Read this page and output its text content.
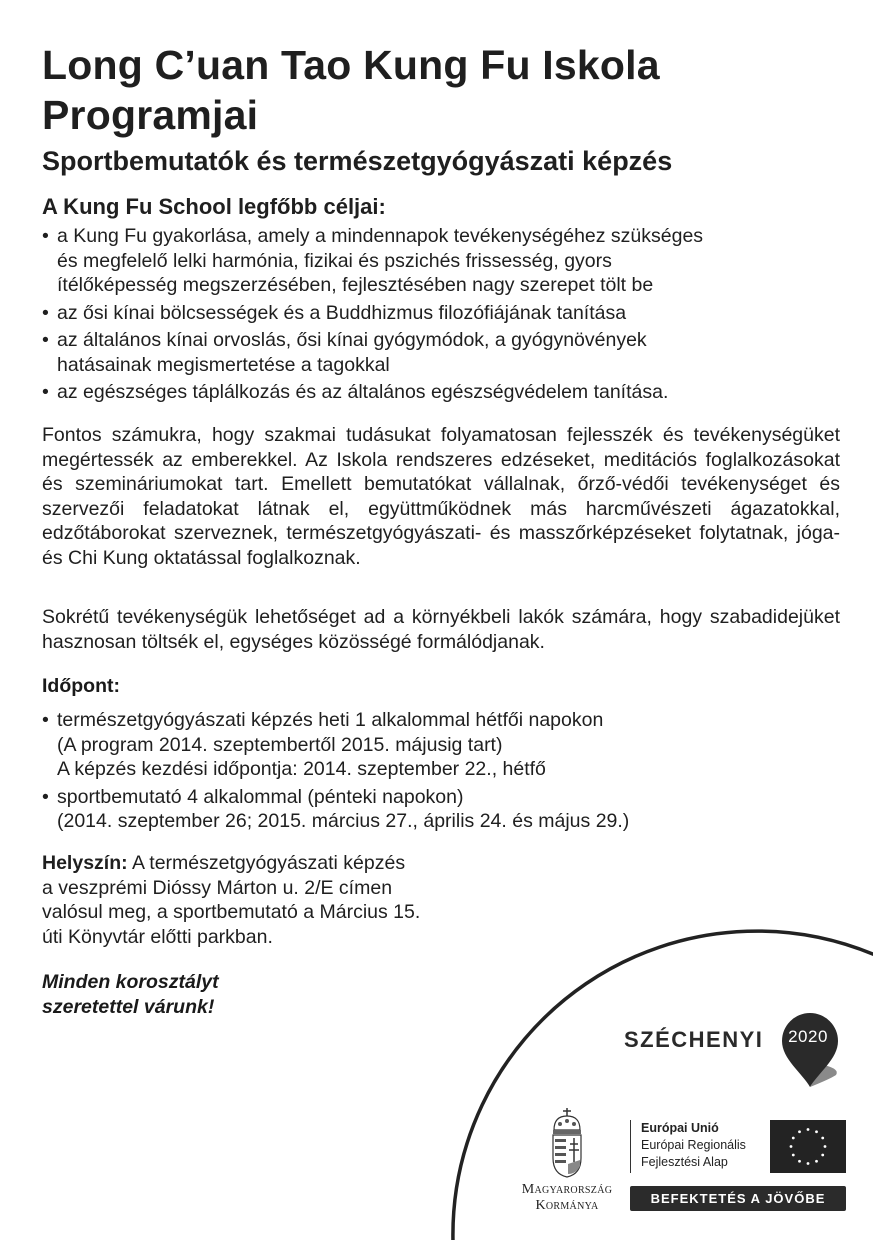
Long C’uan Tao Kung Fu Iskola
Programjai
Sportbemutatók és természetgyógyászati képzés
A Kung Fu School legfőbb céljai:
• a Kung Fu gyakorlása, amely a mindennapok tevékenységéhez szükséges
és megfelelő lelki harmónia, fizikai és pszichés frissesség, gyors
ítélőképesség megszerzésében, fejlesztésében nagy szerepet tölt be
• az ősi kínai bölcsességek és a Buddhizmus filozófiájának tanítása
• az általános kínai orvoslás, ősi kínai gyógymódok, a gyógynövények
hatásainak megismertetése a tagokkal
• az egészséges táplálkozás és az általános egészségvédelem tanítása.

Fontos számukra, hogy szakmai tudásukat folyamatosan fejlesszék és tevékenységüket megértessék az emberekkel. Az Iskola rendszeres edzéseket, meditációs foglalkozásokat és szemináriumokat tart. Emellett bemutatókat vállalnak, őrző-védői tevékenységet és szervezői feladatokat látnak el, együttműködnek más harcművészeti ágazatokkal, edzőtáborokat szerveznek, természetgyógyászati- és masszőrképzéseket folytatnak, jóga- és Chi Kung oktatással foglalkoznak.

Sokrétű tevékenységük lehetőséget ad a környékbeli lakók számára, hogy szabadidejüket hasznosan töltsék el, egységes közösségé formálódjanak.

Időpont:
• természetgyógyászati képzés heti 1 alkalommal hétfői napokon
(A program 2014. szeptembertől 2015. májusig tart)
A képzés kezdési időpontja: 2014. szeptember 22., hétfő
• sportbemutató 4 alkalommal (pénteki napokon)
(2014. szeptember 26; 2015. március 27., április 24. és május 29.)

Helyszín: A természetgyógyászati képzés
a veszprémi Dióssy Márton u. 2/E címen
valósul meg, a sportbemutató a Március 15.
úti Könyvtár előtti parkban.

Minden korosztályt
szeretettel várunk!

SZÉCHENYI	2020
Magyarország
Kormánya
Európai Unió
Európai Regionális
Fejlesztési Alap
BEFEKTETÉS A JÖVŐBE
